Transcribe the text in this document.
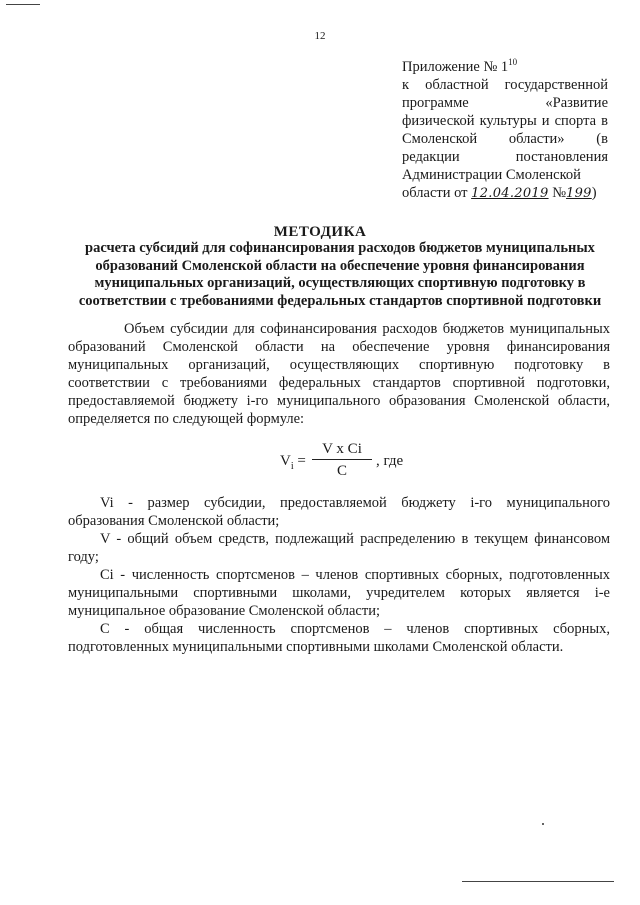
12

Приложение № $1^{10}$

к областной государственной программе «Развитие физической культуры и спорта в Смоленской области» (в редакции постановления Администрации Смоленской

области от 12.04.2019 №199)

МЕТОДИКА

расчета субсидий для софинансирования расходов бюджетов муниципальных образований Смоленской области на обеспечение уровня финансирования муниципальных организаций, осуществляющих спортивную подготовку в соответствии с требованиями федеральных стандартов спортивной подготовки

Объем субсидии для софинансирования расходов бюджетов муниципальных образований Смоленской области на обеспечение уровня финансирования муниципальных организаций, осуществляющих спортивную подготовку в соответствии с требованиями федеральных стандартов спортивной подготовки, предоставляемой бюджету i-го муниципального образования Смоленской области, определяется по следующей формуле:

$V_i$ =
V x Ci
C
, где

Vi - размер субсидии, предоставляемой бюджету i-го муниципального образования Смоленской области;

V - общий объем средств, подлежащий распределению в текущем финансовом году;

Ci - численность спортсменов – членов спортивных сборных, подготовленных муниципальными спортивными школами, учредителем которых является i-е муниципальное образование Смоленской области;

C - общая численность спортсменов – членов спортивных сборных, подготовленных муниципальными спортивными школами Смоленской области.
